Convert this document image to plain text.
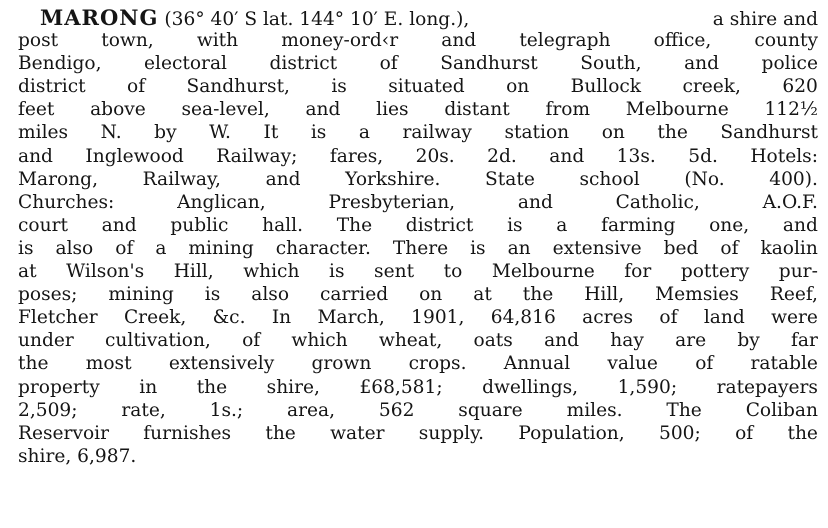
MARONG (36° 40′ S lat. 144° 10′ E. long.),	a shire and
post town, with money-ord‹r and telegraph office, county
Bendigo, electoral district of Sandhurst South, and police
district of Sandhurst, is situated on Bullock creek, 620
feet above sea-level, and lies distant from Melbourne 112½
miles N. by W. It is a railway station on the Sandhurst
and Inglewood Railway; fares, 20s. 2d. and 13s. 5d. Hotels:
Marong, Railway, and Yorkshire. State school (No. 400).
Churches:	Anglican,	Presbyterian,	and	Catholic,	A.O.F.
court and public hall. The district is a farming one, and
is also of a mining character. There is an extensive bed of kaolin
at Wilson's Hill, which is sent to Melbourne for pottery pur-
poses; mining is also carried on at the Hill, Memsies Reef,
Fletcher Creek, &c. In March, 1901, 64,816 acres of land were
under cultivation, of which wheat, oats and hay are by far
the most extensively grown crops. Annual value of ratable
property in the shire, £68,581; dwellings, 1,590; ratepayers
2,509; rate, 1s.; area, 562 square miles. The Coliban
Reservoir furnishes the water supply. Population, 500; of the
shire, 6,987.
